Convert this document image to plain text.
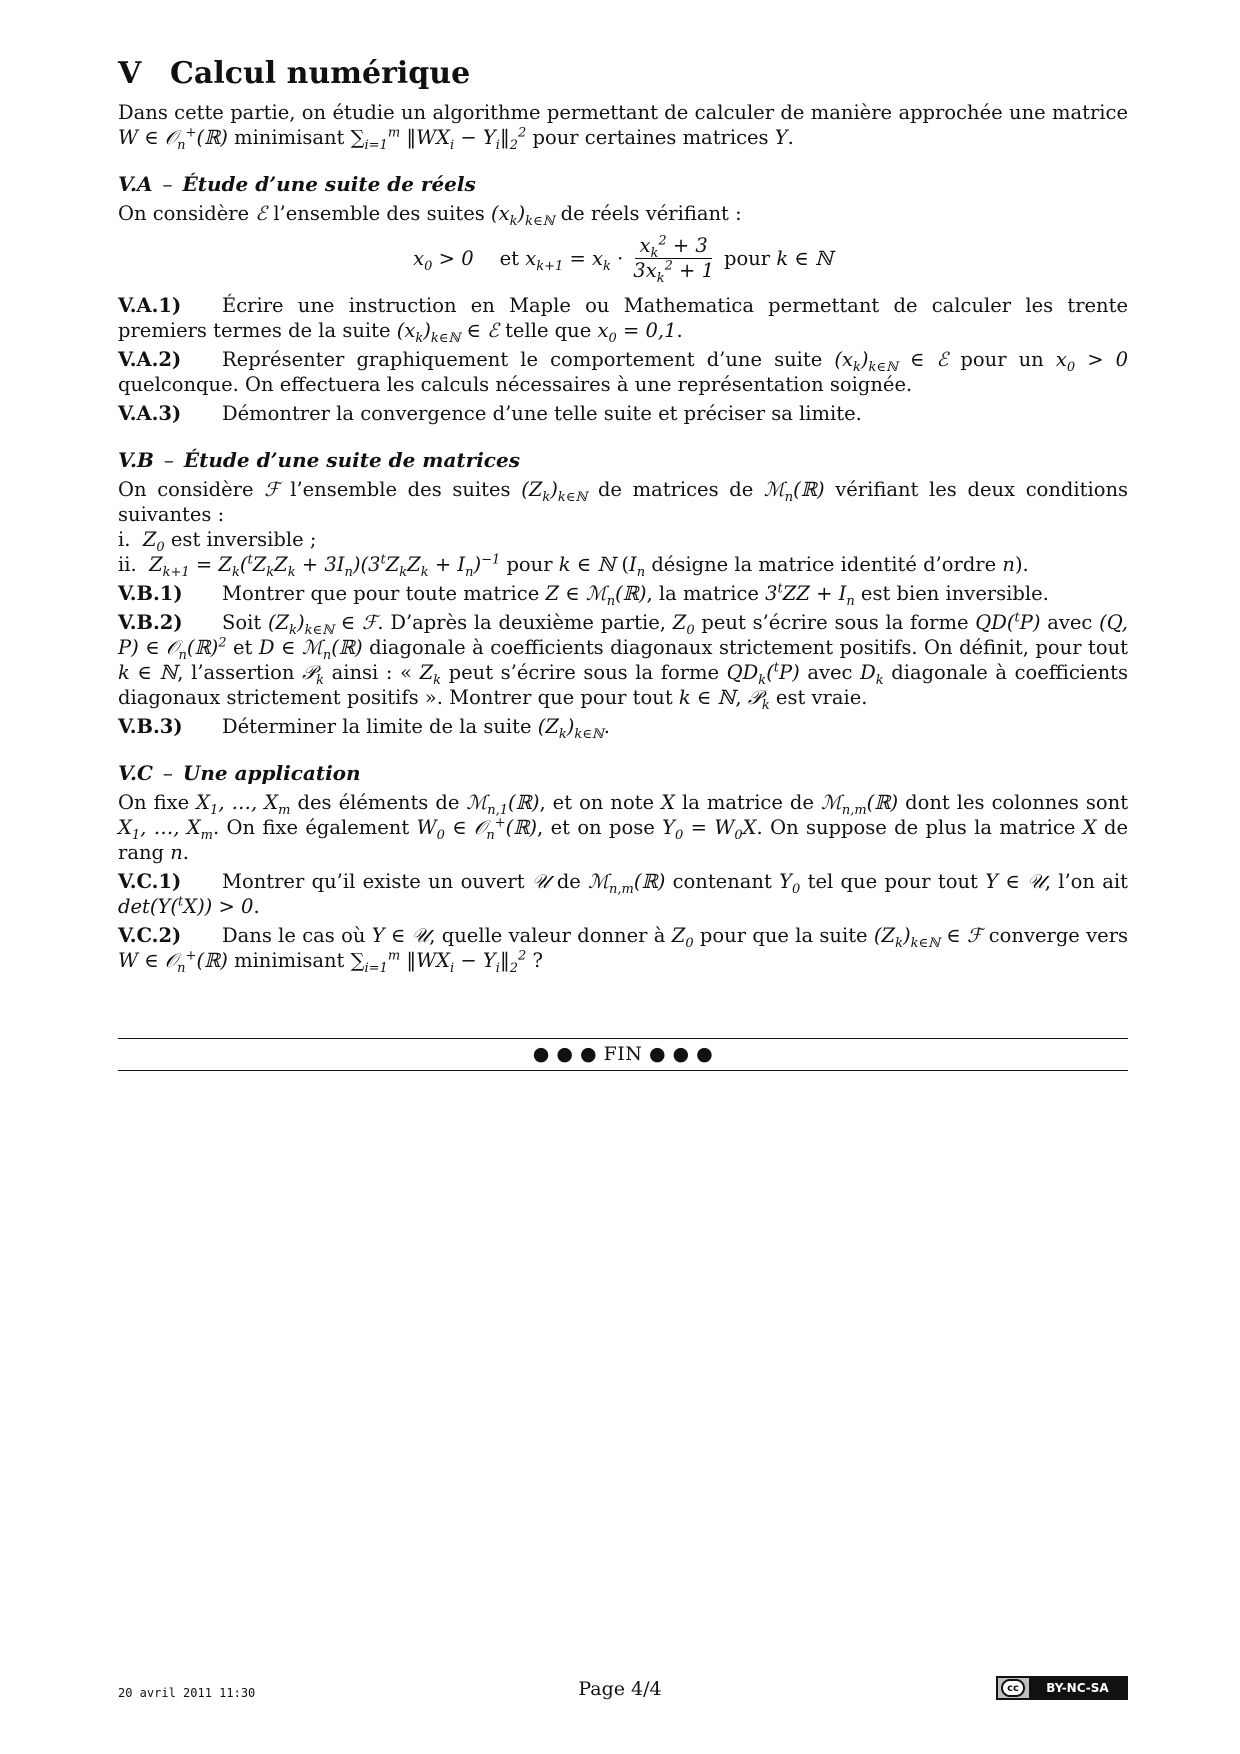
V Calcul numérique

Dans cette partie, on étudie un algorithme permettant de calculer de manière approchée une matrice W ∈ 𝒪$_n$+(ℝ) minimisant $\sum_{i=1}^m$ $‖WX_i$ − $Y_i‖_2^2$ pour certaines matrices Y.

V.A – Étude d’une suite de réels

On considère ℰ l’ensemble des suites $(x_k)_{k\in ℕ}$ de réels vérifiant :

$x_0 > 0$ et
$x_{k+1} = x_k \cdot \frac{x_k^2 + 3}{3x_k^2 + 1}$ pour
k ∈ ℕ

V.A.1) Écrire une instruction en Maple ou Mathematica permettant de calculer les trente premiers termes de la suite $(x_k)_{k\in ℕ}$ ∈ ℰ telle que $x_0 = 0,1$.

V.A.2) Représenter graphiquement le comportement d’une suite $(x_k)_{k\in ℕ}$ ∈ ℰ pour un $x_0 > 0$ quelconque. On effectuera les calculs nécessaires à une représentation soignée.

V.A.3) Démontrer la convergence d’une telle suite et préciser sa limite.

V.B – Étude d’une suite de matrices

On considère ℱ l’ensemble des suites $(Z_k)_{k\in ℕ}$ de matrices de ℳ$_n$(ℝ) vérifiant les deux conditions suivantes :

i. $Z_0$ est inversible ;

ii. $Z_{k+1} = Z_k(^tZ_kZ_k + 3I_n)(3^tZ_kZ_k + I_n)^{-1}$ pour k ∈ ℕ ($I_n$ désigne la matrice identité d’ordre n).

V.B.1) Montrer que pour toute matrice Z ∈ ℳ$_n$(ℝ), la matrice $3^tZZ + I_n$ est bien inversible.

V.B.2) Soit $(Z_k)_{k\in ℕ}$ ∈ ℱ. D’après la deuxième partie, $Z_0$ peut s’écrire sous la forme QD($^t$P) avec (Q, P) ∈ 𝒪$_n$(ℝ)$^2$ et D ∈ ℳ$_n$(ℝ) diagonale à coefficients diagonaux strictement positifs. On définit, pour tout k ∈ ℕ, l’assertion 𝒫$_k$ ainsi : « $Z_k$ peut s’écrire sous la forme $QD_k(^tP)$ avec $D_k$ diagonale à coefficients diagonaux strictement positifs ». Montrer que pour tout k ∈ ℕ, 𝒫$_k$ est vraie.

V.B.3) Déterminer la limite de la suite $(Z_k)_{k\in ℕ}$.

V.C – Une application

On fixe $X_1$, …, $X_m$ des éléments de ℳ$_{n,1}$(ℝ), et on note X la matrice de ℳ$_{n,m}$(ℝ) dont les colonnes sont $X_1$, …, $X_m$. On fixe également $W_0$ ∈ 𝒪$_n$+(ℝ), et on pose $Y_0 = W_0X$. On suppose de plus la matrice X de rang n.

V.C.1) Montrer qu’il existe un ouvert 𝒰 de ℳ$_{n,m}$(ℝ) contenant $Y_0$ tel que pour tout Y ∈ 𝒰, l’on ait det(Y($^t$X)) > 0.

V.C.2) Dans le cas où Y ∈ 𝒰, quelle valeur donner à $Z_0$ pour que la suite $(Z_k)_{k\in ℕ}$ ∈ ℱ converge vers W ∈ 𝒪$_n$+(ℝ) minimisant $\sum_{i=1}^m$ $‖WX_i$ − $Y_i‖_2^2$ ?

● ● ● FIN ● ● ●
20 avril 2011 11:30	Page 4/4	cc	BY-NC-SA
